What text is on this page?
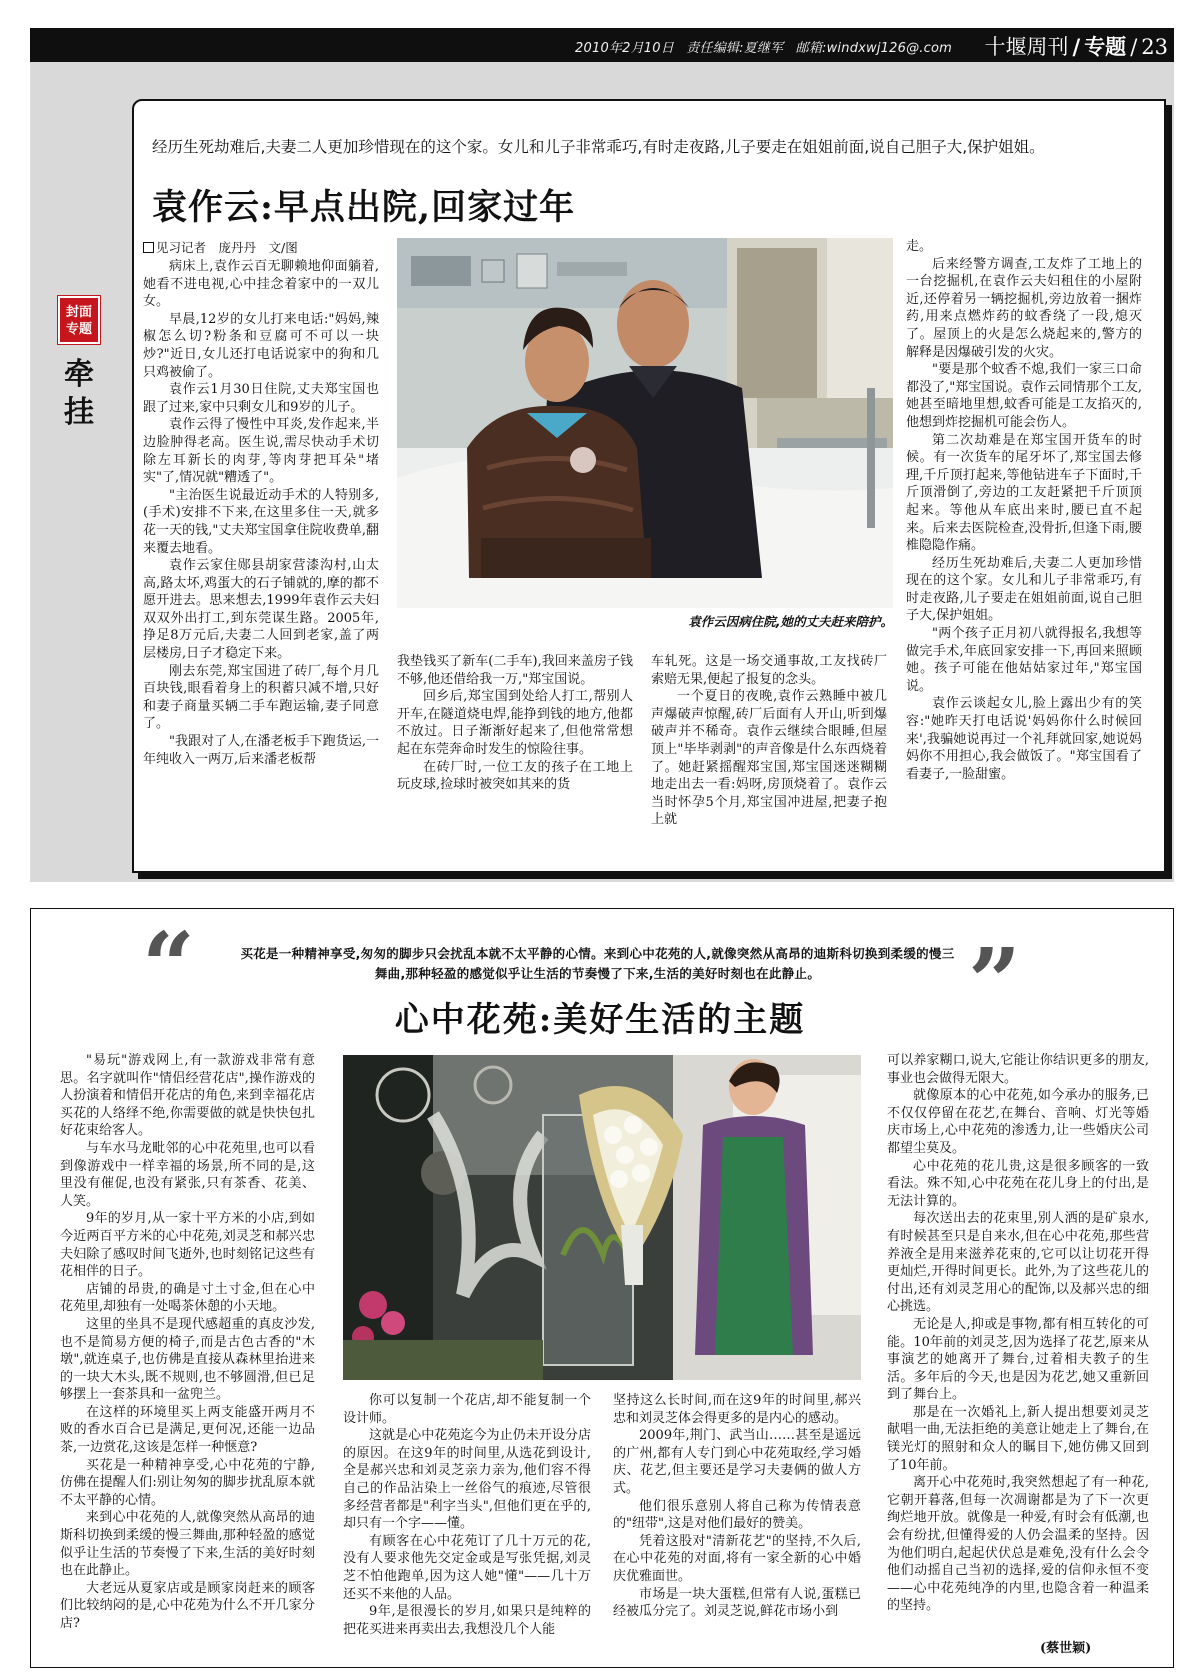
2010年2月10日 责任编辑:夏继军 邮箱:windxwj126@.com 十堰周刊 / 专题 / 23
封面
专题
牵挂
经历生死劫难后,夫妻二人更加珍惜现在的这个家。女儿和儿子非常乖巧,有时走夜路,儿子要走在姐姐前面,说自己胆子大,保护姐姐。
袁作云:早点出院,回家过年
见习记者　庞丹丹　文/图

病床上,袁作云百无聊赖地仰面躺着,她看不进电视,心中挂念着家中的一双儿女。

早晨,12岁的女儿打来电话:"妈妈,辣椒怎么切?粉条和豆腐可不可以一块炒?"近日,女儿还打电话说家中的狗和几只鸡被偷了。

袁作云1月30日住院,丈夫郑宝国也跟了过来,家中只剩女儿和9岁的儿子。

袁作云得了慢性中耳炎,发作起来,半边脸肿得老高。医生说,需尽快动手术切除左耳新长的肉芽,等肉芽把耳朵"堵实"了,情况就"糟透了"。

"主治医生说最近动手术的人特别多,(手术)安排不下来,在这里多住一天,就多花一天的钱,"丈夫郑宝国拿住院收费单,翻来覆去地看。

袁作云家住郧县胡家营漆沟村,山太高,路太坏,鸡蛋大的石子铺就的,摩的都不愿开进去。思来想去,1999年袁作云夫妇双双外出打工,到东莞谋生路。2005年,挣足8万元后,夫妻二人回到老家,盖了两层楼房,日子才稳定下来。

刚去东莞,郑宝国进了砖厂,每个月几百块钱,眼看着身上的积蓄只减不增,只好和妻子商量买辆二手车跑运输,妻子同意了。

"我跟对了人,在潘老板手下跑货运,一年纯收入一两万,后来潘老板帮

袁作云因病住院,她的丈夫赶来陪护。

我垫钱买了新车(二手车),我回来盖房子钱不够,他还借给我一万,"郑宝国说。

回乡后,郑宝国到处给人打工,帮别人开车,在隧道烧电焊,能挣到钱的地方,他都不放过。日子渐渐好起来了,但他常常想起在东莞奔命时发生的惊险往事。

在砖厂时,一位工友的孩子在工地上玩皮球,捡球时被突如其来的货

车轧死。这是一场交通事故,工友找砖厂索赔无果,便起了报复的念头。

一个夏日的夜晚,袁作云熟睡中被几声爆破声惊醒,砖厂后面有人开山,听到爆破声并不稀奇。袁作云继续合眼睡,但屋顶上"毕毕剥剥"的声音像是什么东西烧着了。她赶紧摇醒郑宝国,郑宝国迷迷糊糊地走出去一看:妈呀,房顶烧着了。袁作云当时怀孕5个月,郑宝国冲进屋,把妻子抱上就

走。

后来经警方调查,工友炸了工地上的一台挖掘机,在袁作云夫妇租住的小屋附近,还停着另一辆挖掘机,旁边放着一捆炸药,用来点燃炸药的蚊香绕了一段,熄灭了。屋顶上的火是怎么烧起来的,警方的解释是因爆破引发的火灾。

"要是那个蚊香不熄,我们一家三口命都没了,"郑宝国说。袁作云同情那个工友,她甚至暗地里想,蚊香可能是工友掐灭的,他想到炸挖掘机可能会伤人。

第二次劫难是在郑宝国开货车的时候。有一次货车的尾牙坏了,郑宝国去修理,千斤顶打起来,等他钻进车子下面时,千斤顶滑倒了,旁边的工友赶紧把千斤顶顶起来。等他从车底出来时,腰已直不起来。后来去医院检查,没骨折,但逢下雨,腰椎隐隐作痛。

经历生死劫难后,夫妻二人更加珍惜现在的这个家。女儿和儿子非常乖巧,有时走夜路,儿子要走在姐姐前面,说自己胆子大,保护姐姐。

"两个孩子正月初八就得报名,我想等做完手术,年底回家安排一下,再回来照顾她。孩子可能在他姑姑家过年,"郑宝国说。

袁作云谈起女儿,脸上露出少有的笑容:"她昨天打电话说'妈妈你什么时候回来',我骗她说再过一个礼拜就回家,她说妈妈你不用担心,我会做饭了。"郑宝国看了看妻子,一脸甜蜜。

“	”
买花是一种精神享受,匆匆的脚步只会扰乱本就不太平静的心情。来到心中花苑的人,就像突然从高昂的迪斯科切换到柔缓的慢三舞曲,那种轻盈的感觉似乎让生活的节奏慢了下来,生活的美好时刻也在此静止。
心中花苑:美好生活的主题

"易玩"游戏网上,有一款游戏非常有意思。名字就叫作"情侣经营花店",操作游戏的人扮演着和情侣开花店的角色,来到幸福花店买花的人络绎不绝,你需要做的就是快快包扎好花束给客人。

与车水马龙毗邻的心中花苑里,也可以看到像游戏中一样幸福的场景,所不同的是,这里没有催促,也没有紧张,只有茶香、花美、人笑。

9年的岁月,从一家十平方米的小店,到如今近两百平方米的心中花苑,刘灵芝和郝兴忠夫妇除了感叹时间飞逝外,也时刻铭记这些有花相伴的日子。

店铺的昂贵,的确是寸土寸金,但在心中花苑里,却独有一处喝茶休憩的小天地。

这里的坐具不是现代感超重的真皮沙发,也不是简易方便的椅子,而是古色古香的"木墩",就连桌子,也仿佛是直接从森林里抬进来的一块大木头,既不规则,也不够圆滑,但已足够摆上一套茶具和一盆兜兰。

在这样的环境里买上两支能盛开两月不败的香水百合已是满足,更何况,还能一边品茶,一边赏花,这该是怎样一种惬意?

买花是一种精神享受,心中花苑的宁静,仿佛在提醒人们:别让匆匆的脚步扰乱原本就不太平静的心情。

来到心中花苑的人,就像突然从高昂的迪斯科切换到柔缓的慢三舞曲,那种轻盈的感觉似乎让生活的节奏慢了下来,生活的美好时刻也在此静止。

大老远从夏家店或是顾家岗赶来的顾客们比较纳闷的是,心中花苑为什么不开几家分店?

你可以复制一个花店,却不能复制一个设计师。

这就是心中花苑迄今为止仍未开设分店的原因。在这9年的时间里,从选花到设计,全是郝兴忠和刘灵芝亲力亲为,他们容不得自己的作品沾染上一丝俗气的痕迹,尽管很多经营者都是"利字当头",但他们更在乎的,却只有一个字——懂。

有顾客在心中花苑订了几十万元的花,没有人要求他先交定金或是写张凭据,刘灵芝不怕他跑单,因为这人她"懂"——几十万还买不来他的人品。

9年,是很漫长的岁月,如果只是纯粹的把花买进来再卖出去,我想没几个人能

坚持这么长时间,而在这9年的时间里,郝兴忠和刘灵芝体会得更多的是内心的感动。

2009年,荆门、武当山……甚至是遥远的广州,都有人专门到心中花苑取经,学习婚庆、花艺,但主要还是学习夫妻俩的做人方式。

他们很乐意别人将自己称为传情表意的"纽带",这是对他们最好的赞美。

凭着这股对"清新花艺"的坚持,不久后,在心中花苑的对面,将有一家全新的心中婚庆优雅面世。

市场是一块大蛋糕,但常有人说,蛋糕已经被瓜分完了。刘灵芝说,鲜花市场小到

可以养家糊口,说大,它能让你结识更多的朋友,事业也会做得无限大。

就像原本的心中花苑,如今承办的服务,已不仅仅停留在花艺,在舞台、音响、灯光等婚庆市场上,心中花苑的渗透力,让一些婚庆公司都望尘莫及。

心中花苑的花儿贵,这是很多顾客的一致看法。殊不知,心中花苑在花儿身上的付出,是无法计算的。

每次送出去的花束里,别人洒的是矿泉水,有时候甚至只是自来水,但在心中花苑,那些营养液全是用来滋养花束的,它可以让切花开得更灿烂,开得时间更长。此外,为了这些花儿的付出,还有刘灵芝用心的配饰,以及郝兴忠的细心挑选。

无论是人,抑或是事物,都有相互转化的可能。10年前的刘灵芝,因为选择了花艺,原来从事演艺的她离开了舞台,过着相夫教子的生活。多年后的今天,也是因为花艺,她又重新回到了舞台上。

那是在一次婚礼上,新人提出想要刘灵芝献唱一曲,无法拒绝的美意让她走上了舞台,在镁光灯的照射和众人的瞩目下,她仿佛又回到了10年前。

离开心中花苑时,我突然想起了有一种花,它朝开暮落,但每一次凋谢都是为了下一次更绚烂地开放。就像是一种爱,有时会有低潮,也会有纷扰,但懂得爱的人仍会温柔的坚持。因为他们明白,起起伏伏总是难免,没有什么会令他们动摇自己当初的选择,爱的信仰永恒不变——心中花苑纯净的内里,也隐含着一种温柔的坚持。

(蔡世颖)
